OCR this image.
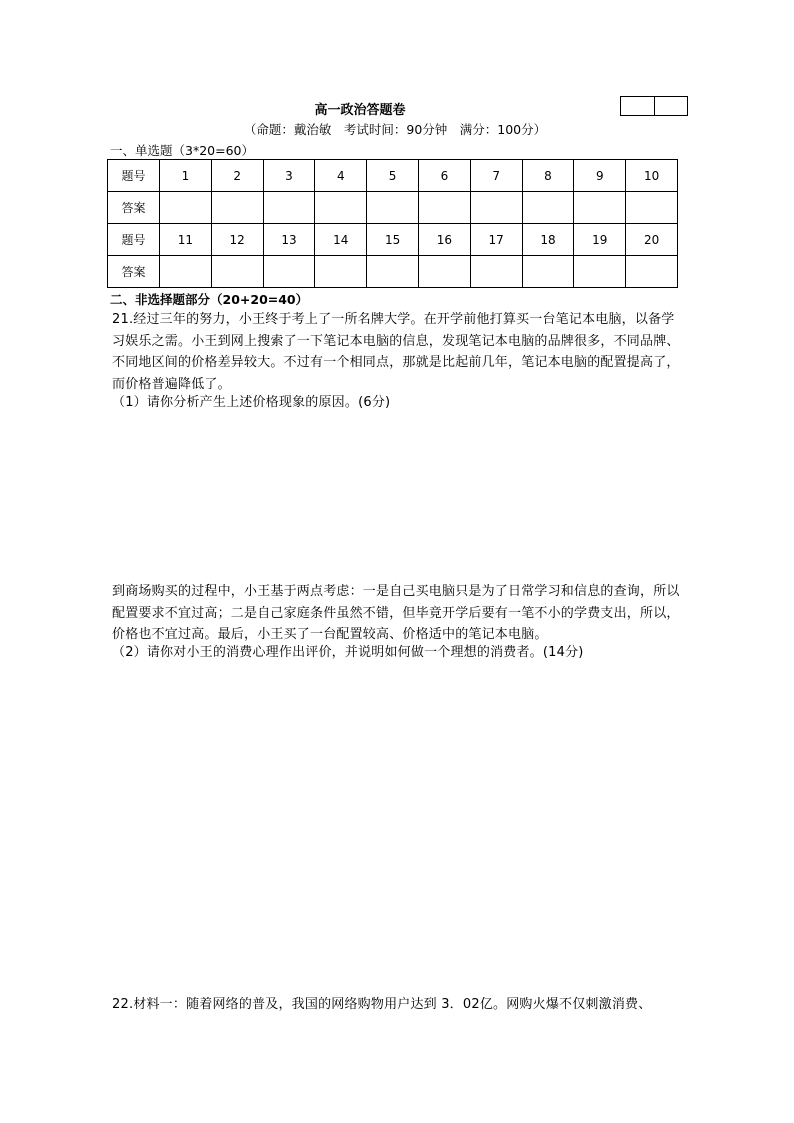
高一政治答题卷
（命题：戴治敏　考试时间：90分钟　满分：100分）
一、单选题（3*20=60）
题号	1	2	3	4	5	6	7	8	9	10
答案										
题号	11	12	13	14	15	16	17	18	19	20
答案										
二、非选择题部分（20+20=40）
21.经过三年的努力，小王终于考上了一所名牌大学。在开学前他打算买一台笔记本电脑，以备学习娱乐之需。小王到网上搜索了一下笔记本电脑的信息，发现笔记本电脑的品牌很多，不同品牌、不同地区间的价格差异较大。不过有一个相同点，那就是比起前几年，笔记本电脑的配置提高了，而价格普遍降低了。
（1）请你分析产生上述价格现象的原因。(6分)
到商场购买的过程中，小王基于两点考虑：一是自己买电脑只是为了日常学习和信息的查询，所以配置要求不宜过高；二是自己家庭条件虽然不错，但毕竟开学后要有一笔不小的学费支出，所以，价格也不宜过高。最后，小王买了一台配置较高、价格适中的笔记本电脑。
（2）请你对小王的消费心理作出评价，并说明如何做一个理想的消费者。(14分)
22.材料一：随着网络的普及，我国的网络购物用户达到 3．02亿。网购火爆不仅刺激消费、
